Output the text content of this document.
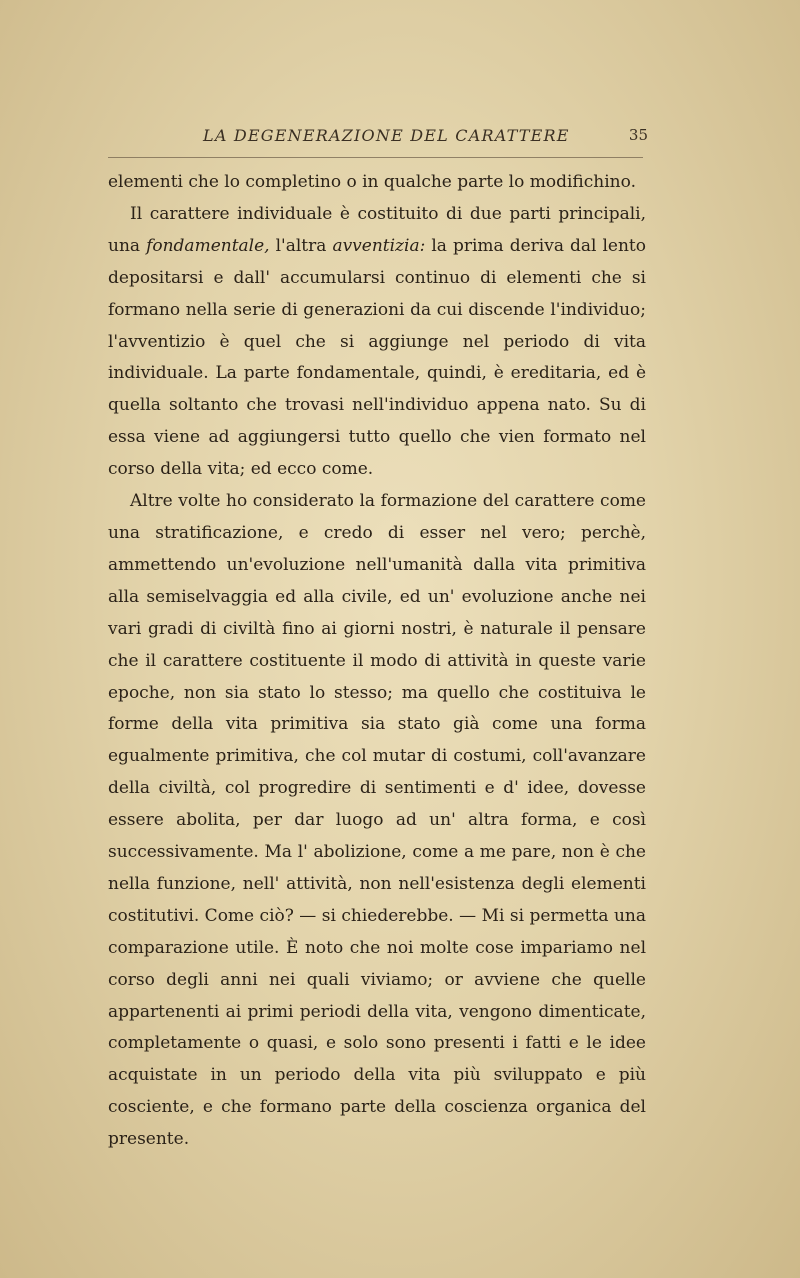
LA DEGENERAZIONE DEL CARATTERE	35

elementi che lo completino o in qualche parte lo modifichino.

Il carattere individuale è costituito di due parti principali, una fondamentale, l'altra avventizia: la prima deriva dal lento depositarsi e dall' accumularsi continuo di elementi che si formano nella serie di generazioni da cui discende l'individuo; l'avventizio è quel che si aggiunge nel periodo di vita individuale. La parte fondamentale, quindi, è ereditaria, ed è quella soltanto che trovasi nell'individuo appena nato. Su di essa viene ad aggiungersi tutto quello che vien formato nel corso della vita; ed ecco come.

Altre volte ho considerato la formazione del carattere come una stratificazione, e credo di esser nel vero; perchè, ammettendo un'evoluzione nell'umanità dalla vita primitiva alla semiselvaggia ed alla civile, ed un' evoluzione anche nei vari gradi di civiltà fino ai giorni nostri, è naturale il pensare che il carattere costituente il modo di attività in queste varie epoche, non sia stato lo stesso; ma quello che costituiva le forme della vita primitiva sia stato già come una forma egualmente primitiva, che col mutar di costumi, coll'avanzare della civiltà, col progredire di sentimenti e d' idee, dovesse essere abolita, per dar luogo ad un' altra forma, e così successivamente. Ma l' abolizione, come a me pare, non è che nella funzione, nell' attività, non nell'esistenza degli elementi costitutivi. Come ciò? — si chiederebbe. — Mi si permetta una comparazione utile. È noto che noi molte cose impariamo nel corso degli anni nei quali viviamo; or avviene che quelle appartenenti ai primi periodi della vita, vengono dimenticate, completamente o quasi, e solo sono presenti i fatti e le idee acquistate in un periodo della vita più sviluppato e più cosciente, e che formano parte della coscienza organica del presente.
